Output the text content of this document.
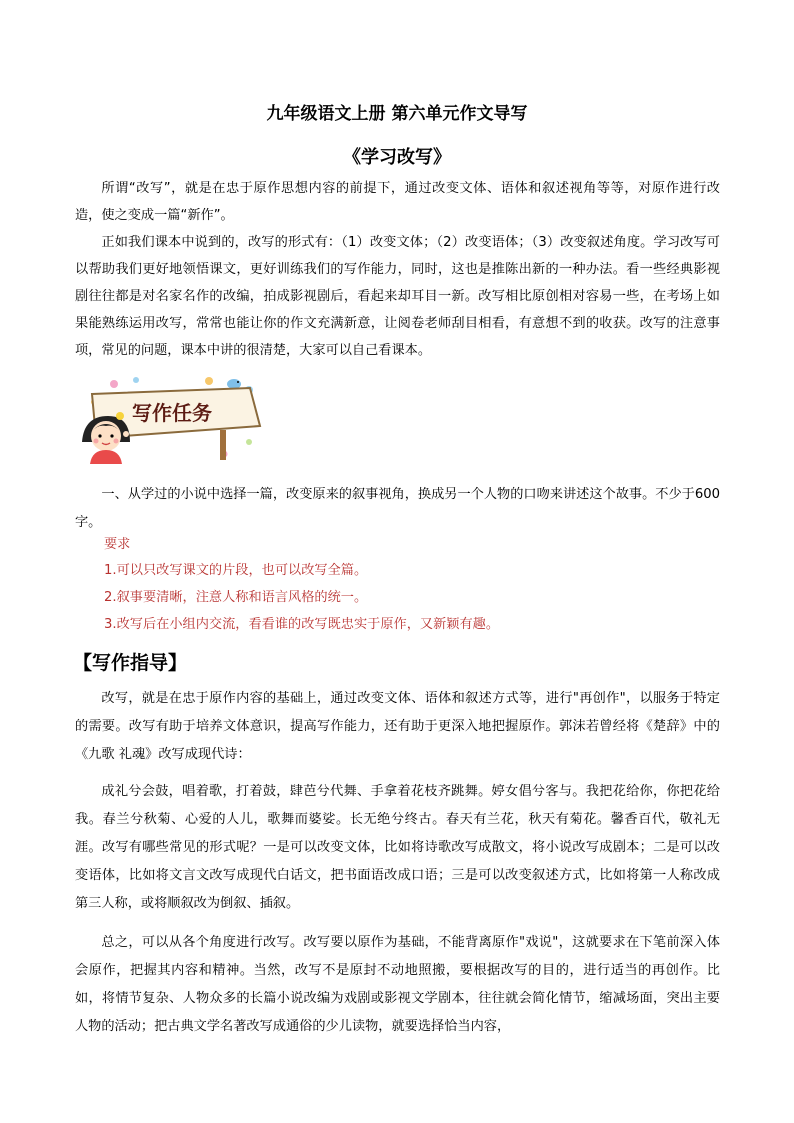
九年级语文上册 第六单元作文导写
《学习改写》
所谓“改写”，就是在忠于原作思想内容的前提下，通过改变文体、语体和叙述视角等等，对原作进行改造，使之变成一篇“新作”。
正如我们课本中说到的，改写的形式有：（1）改变文体；（2）改变语体；（3）改变叙述角度。学习改写可以帮助我们更好地领悟课文，更好训练我们的写作能力，同时，这也是推陈出新的一种办法。看一些经典影视剧往往都是对名家名作的改编，拍成影视剧后，看起来却耳目一新。改写相比原创相对容易一些，在考场上如果能熟练运用改写，常常也能让你的作文充满新意，让阅卷老师刮目相看，有意想不到的收获。改写的注意事项，常见的问题，课本中讲的很清楚，大家可以自己看课本。
写作任务
一、从学过的小说中选择一篇，改变原来的叙事视角，换成另一个人物的口吻来讲述这个故事。不少于600字。
要求
1.可以只改写课文的片段，也可以改写全篇。
2.叙事要清晰，注意人称和语言风格的统一。
3.改写后在小组内交流，看看谁的改写既忠实于原作，又新颖有趣。
【写作指导】
改写，就是在忠于原作内容的基础上，通过改变文体、语体和叙述方式等，进行"再创作"，以服务于特定的需要。改写有助于培养文体意识，提高写作能力，还有助于更深入地把握原作。郭沫若曾经将《楚辞》中的《九歌 礼魂》改写成现代诗：
成礼兮会鼓，唱着歌，打着鼓，肆芭兮代舞、手拿着花枝齐跳舞。婷女倡兮客与。我把花给你，你把花给我。春兰兮秋菊、心爱的人儿，歌舞而婆娑。长无绝兮终古。春天有兰花，秋天有菊花。馨香百代，敬礼无涯。改写有哪些常见的形式呢？一是可以改变文体，比如将诗歌改写成散文，将小说改写成剧本；二是可以改变语体，比如将文言文改写成现代白话文，把书面语改成口语；三是可以改变叙述方式，比如将第一人称改成第三人称，或将顺叙改为倒叙、插叙。
总之，可以从各个角度进行改写。改写要以原作为基础，不能背离原作"戏说"，这就要求在下笔前深入体会原作，把握其内容和精神。当然，改写不是原封不动地照搬，要根据改写的目的，进行适当的再创作。比如，将情节复杂、人物众多的长篇小说改编为戏剧或影视文学剧本，往往就会简化情节，缩减场面，突出主要人物的活动；把古典文学名著改写成通俗的少儿读物，就要选择恰当内容，
